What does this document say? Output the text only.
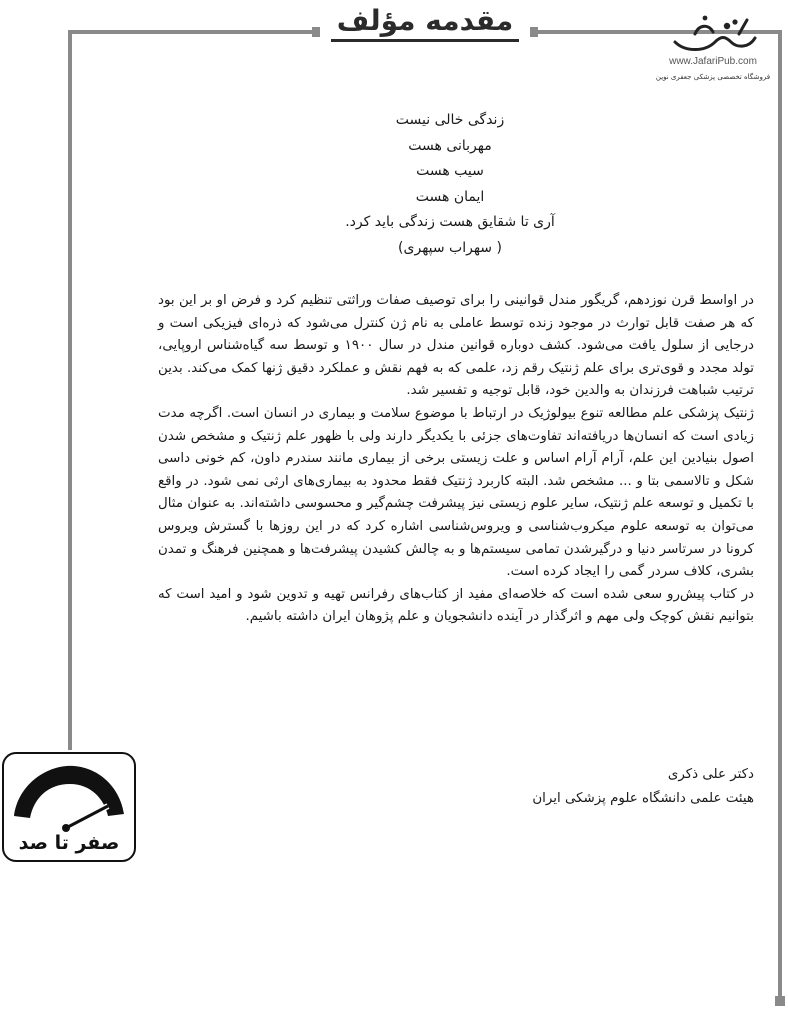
مقدمه مؤلف
www.JafariPub.com
فروشگاه تخصصی پزشکی جعفری نوین
زندگی خالی نیست
مهربانی هست
سیب هست
ایمان هست
آری تا شقایق هست زندگی باید کرد.
( سهراب سپهری)

در اواسط قرن نوزدهم، گریگور مندل قوانینی را برای توصیف صفات وراثتی تنظیم کرد و فرض او بر این بود که هر صفت قابل توارث در موجود زنده توسط عاملی به نام ژن کنترل می‌شود که ذره‌ای فیزیکی است و درجایی از سلول یافت می‌شود. کشف دوباره قوانین مندل در سال ۱۹۰۰ و توسط سه گیاه‌شناس اروپایی، تولد مجدد و قوی‌تری برای علم ژنتیک رقم زد، علمی که به فهم نقش و عملکرد دقیق ژنها کمک می‌کند. بدین ترتیب شباهت فرزندان به والدین خود، قابل توجیه و تفسیر شد.

ژنتیک پزشکی علم مطالعه تنوع بیولوژیک در ارتباط با موضوع سلامت و بیماری در انسان است. اگرچه مدت زیادی است که انسان‌ها دریافته‌اند تفاوت‌های جزئی با یکدیگر دارند ولی با ظهور علم ژنتیک و مشخص شدن اصول بنیادین این علم، آرام آرام اساس و علت زیستی برخی از بیماری مانند سندرم داون، کم خونی داسی شکل و تالاسمی بتا و ... مشخص شد. البته کاربرد ژنتیک فقط محدود به بیماری‌های ارثی نمی شود. در واقع با تکمیل و توسعه علم ژنتیک، سایر علوم زیستی نیز پیشرفت چشم‌گیر و محسوسی داشته‌اند. به عنوان مثال می‌توان به توسعه علوم میکروب‌شناسی و ویروس‌شناسی اشاره کرد که در این روزها با گسترش ویروس کرونا در سرتاسر دنیا و درگیرشدن تمامی سیستم‌ها و به چالش کشیدن پیشرفت‌ها و همچنین فرهنگ و تمدن بشری، کلاف سردر گمی را ایجاد کرده است.

در کتاب پیش‌رو سعی شده است که خلاصه‌ای مفید از کتاب‌های رفرانس تهیه و تدوین شود و امید است که بتوانیم نقش کوچک ولی مهم و اثرگذار در آینده دانشجویان و علم پژوهان ایران داشته باشیم.

دکتر علی ذکری
هیئت علمی دانشگاه علوم پزشکی ایران
صفر تا صد
